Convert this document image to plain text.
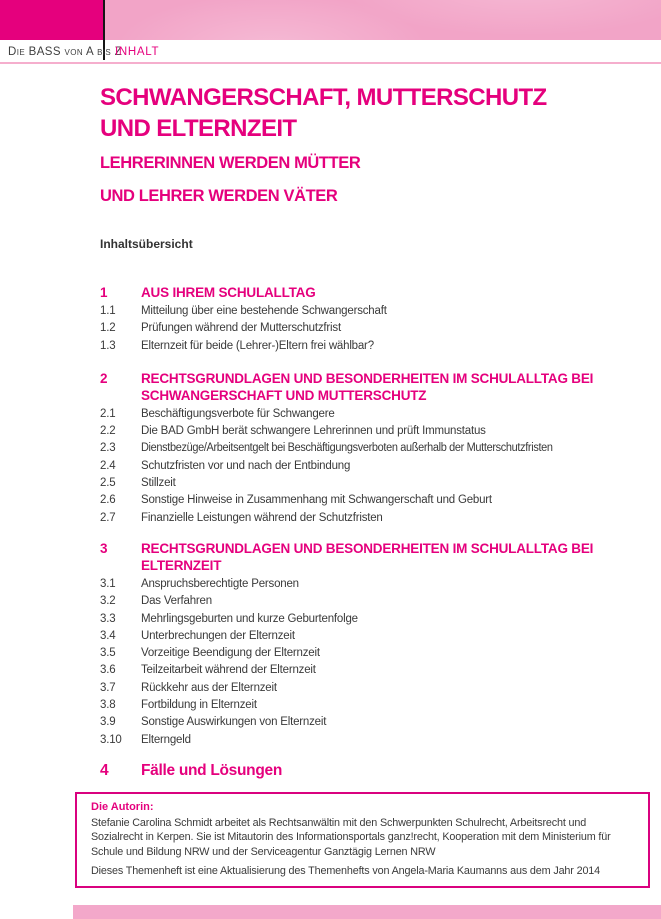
Die BASS von A bis Z
INHALT
SCHWANGERSCHAFT, MUTTERSCHUTZ
UND ELTERNZEIT
LEHRERINNEN WERDEN MÜTTER
UND LEHRER WERDEN VÄTER
Inhaltsübersicht
1	AUS IHREM SCHULALLTAG
1.1	Mitteilung über eine bestehende Schwangerschaft
1.2	Prüfungen während der Mutterschutzfrist
1.3	Elternzeit für beide (Lehrer-)Eltern frei wählbar?
2	RECHTSGRUNDLAGEN UND BESONDERHEITEN IM SCHULALLTAG BEI SCHWANGERSCHAFT UND MUTTERSCHUTZ
2.1	Beschäftigungsverbote für Schwangere
2.2	Die BAD GmbH berät schwangere Lehrerinnen und prüft Immunstatus
2.3	Dienstbezüge/Arbeitsentgelt bei Beschäftigungsverboten außerhalb der Mutterschutzfristen
2.4	Schutzfristen vor und nach der Entbindung
2.5	Stillzeit
2.6	Sonstige Hinweise in Zusammenhang mit Schwangerschaft und Geburt
2.7	Finanzielle Leistungen während der Schutzfristen
3	RECHTSGRUNDLAGEN UND BESONDERHEITEN IM SCHULALLTAG BEI ELTERNZEIT
3.1	Anspruchsberechtigte Personen
3.2	Das Verfahren
3.3	Mehrlingsgeburten und kurze Geburtenfolge
3.4	Unterbrechungen der Elternzeit
3.5	Vorzeitige Beendigung der Elternzeit
3.6	Teilzeitarbeit während der Elternzeit
3.7	Rückkehr aus der Elternzeit
3.8	Fortbildung in Elternzeit
3.9	Sonstige Auswirkungen von Elternzeit
3.10	Elterngeld
4	Fälle und Lösungen
Die Autorin:

Stefanie Carolina Schmidt arbeitet als Rechtsanwältin mit den Schwerpunkten Schulrecht, Arbeitsrecht und Sozialrecht in Kerpen. Sie ist Mitautorin des Informationsportals ganz!recht, Kooperation mit dem Ministerium für Schule und Bildung NRW und der Serviceagentur Ganztägig Lernen NRW

Dieses Themenheft ist eine Aktualisierung des Themenhefts von Angela-Maria Kaumanns aus dem Jahr 2014
